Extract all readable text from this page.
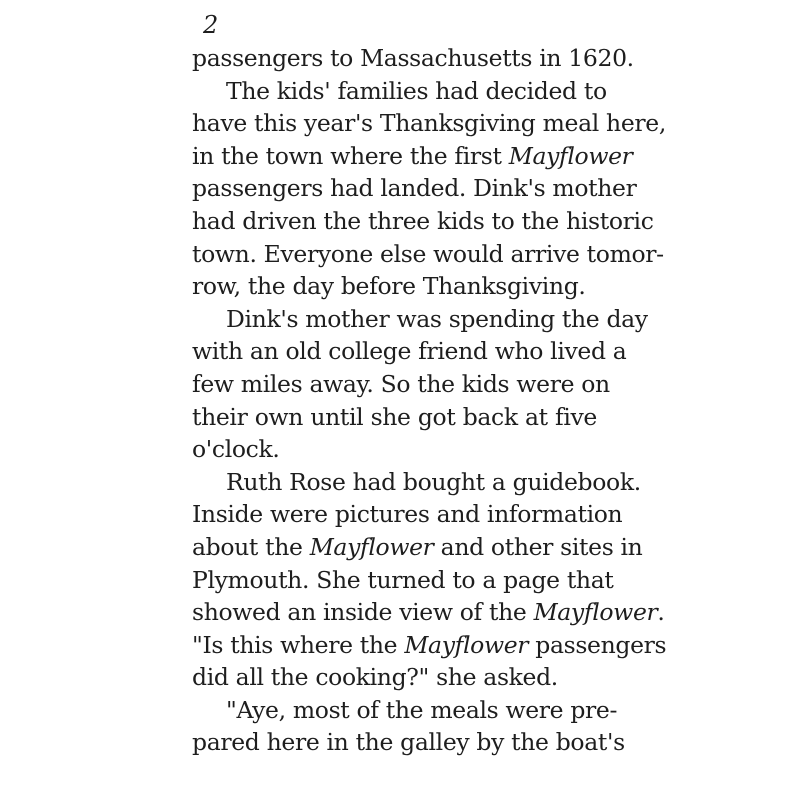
2
passengers to Massachusetts in 1620.
The kids' families had decided to
have this year's Thanksgiving meal here,
in the town where the first Mayflower
passengers had landed. Dink's mother
had driven the three kids to the historic
town. Everyone else would arrive tomor-
row, the day before Thanksgiving.
Dink's mother was spending the day
with an old college friend who lived a
few miles away. So the kids were on
their own until she got back at five
o'clock.
Ruth Rose had bought a guidebook.
Inside were pictures and information
about the Mayflower and other sites in
Plymouth. She turned to a page that
showed an inside view of the Mayflower.
"Is this where the Mayflower passengers
did all the cooking?" she asked.
"Aye, most of the meals were pre-
pared here in the galley by the boat's
